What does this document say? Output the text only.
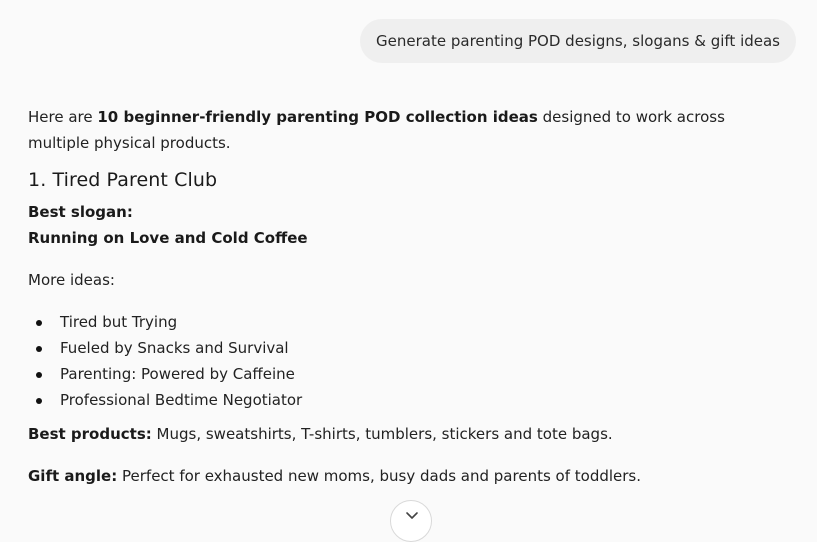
Generate parenting POD designs, slogans & gift ideas

Here are 10 beginner-friendly parenting POD collection ideas designed to work across multiple physical products.

1. Tired Parent Club

Best slogan:

Running on Love and Cold Coffee

More ideas:

Tired but Trying
Fueled by Snacks and Survival
Parenting: Powered by Caffeine
Professional Bedtime Negotiator

Best products: Mugs, sweatshirts, T-shirts, tumblers, stickers and tote bags.

Gift angle: Perfect for exhausted new moms, busy dads and parents of toddlers.
